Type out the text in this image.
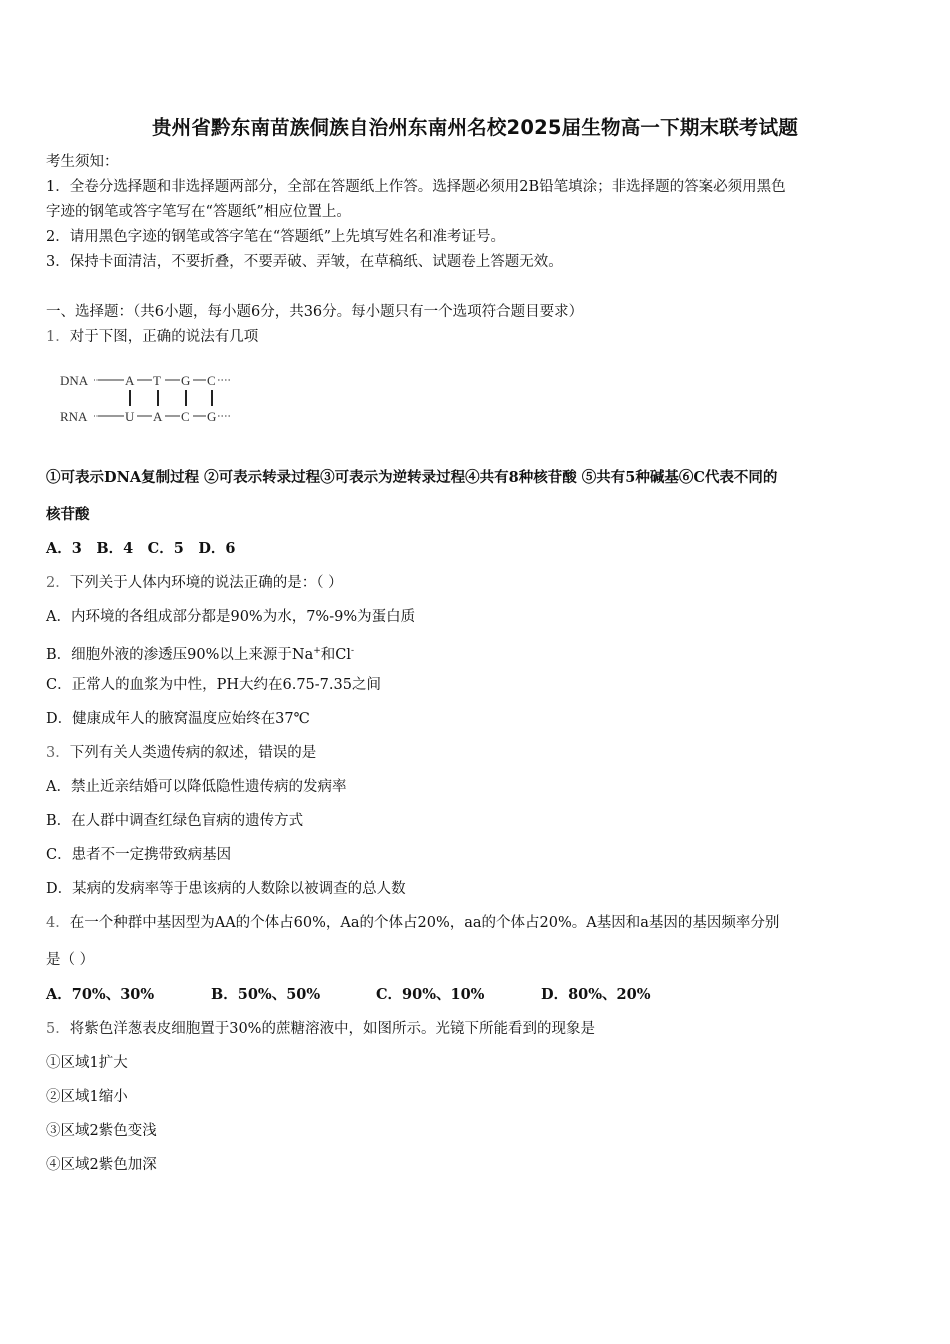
贵州省黔东南苗族侗族自治州东南州名校2025届生物高一下期末联考试题
考生须知：
1．全卷分选择题和非选择题两部分，全部在答题纸上作答。选择题必须用2B铅笔填涂；非选择题的答案必须用黑色
字迹的钢笔或答字笔写在“答题纸”相应位置上。
2．请用黑色字迹的钢笔或答字笔在“答题纸”上先填写姓名和准考证号。
3．保持卡面清洁，不要折叠，不要弄破、弄皱，在草稿纸、试题卷上答题无效。
一、选择题：（共6小题，每小题6分，共36分。每小题只有一个选项符合题目要求）
1．对于下图，正确的说法有几项
DNA
RNA
A T G C
U A C G
①可表示DNA复制过程 ②可表示转录过程③可表示为逆转录过程④共有8种核苷酸 ⑤共有5种碱基⑥C代表不同的
核苷酸
A．3　B．4　C．5　D．6
2．下列关于人体内环境的说法正确的是：（ ）
A．内环境的各组成部分都是90%为水，7%-9%为蛋白质
B．细胞外液的渗透压90%以上来源于Na+和Cl-
C．正常人的血浆为中性，PH大约在6.75-7.35之间
D．健康成年人的腋窝温度应始终在37℃
3．下列有关人类遗传病的叙述，错误的是
A．禁止近亲结婚可以降低隐性遗传病的发病率
B．在人群中调查红绿色盲病的遗传方式
C．患者不一定携带致病基因
D．某病的发病率等于患该病的人数除以被调查的总人数
4．在一个种群中基因型为AA的个体占60%，Aa的个体占20%，aa的个体占20%。A基因和a基因的基因频率分别
是（ ）
A．70%、30%	B．50%、50%	C．90%、10%	D．80%、20%
5．将紫色洋葱表皮细胞置于30%的蔗糖溶液中，如图所示。光镜下所能看到的现象是
①区域1扩大
②区域1缩小
③区域2紫色变浅
④区域2紫色加深
